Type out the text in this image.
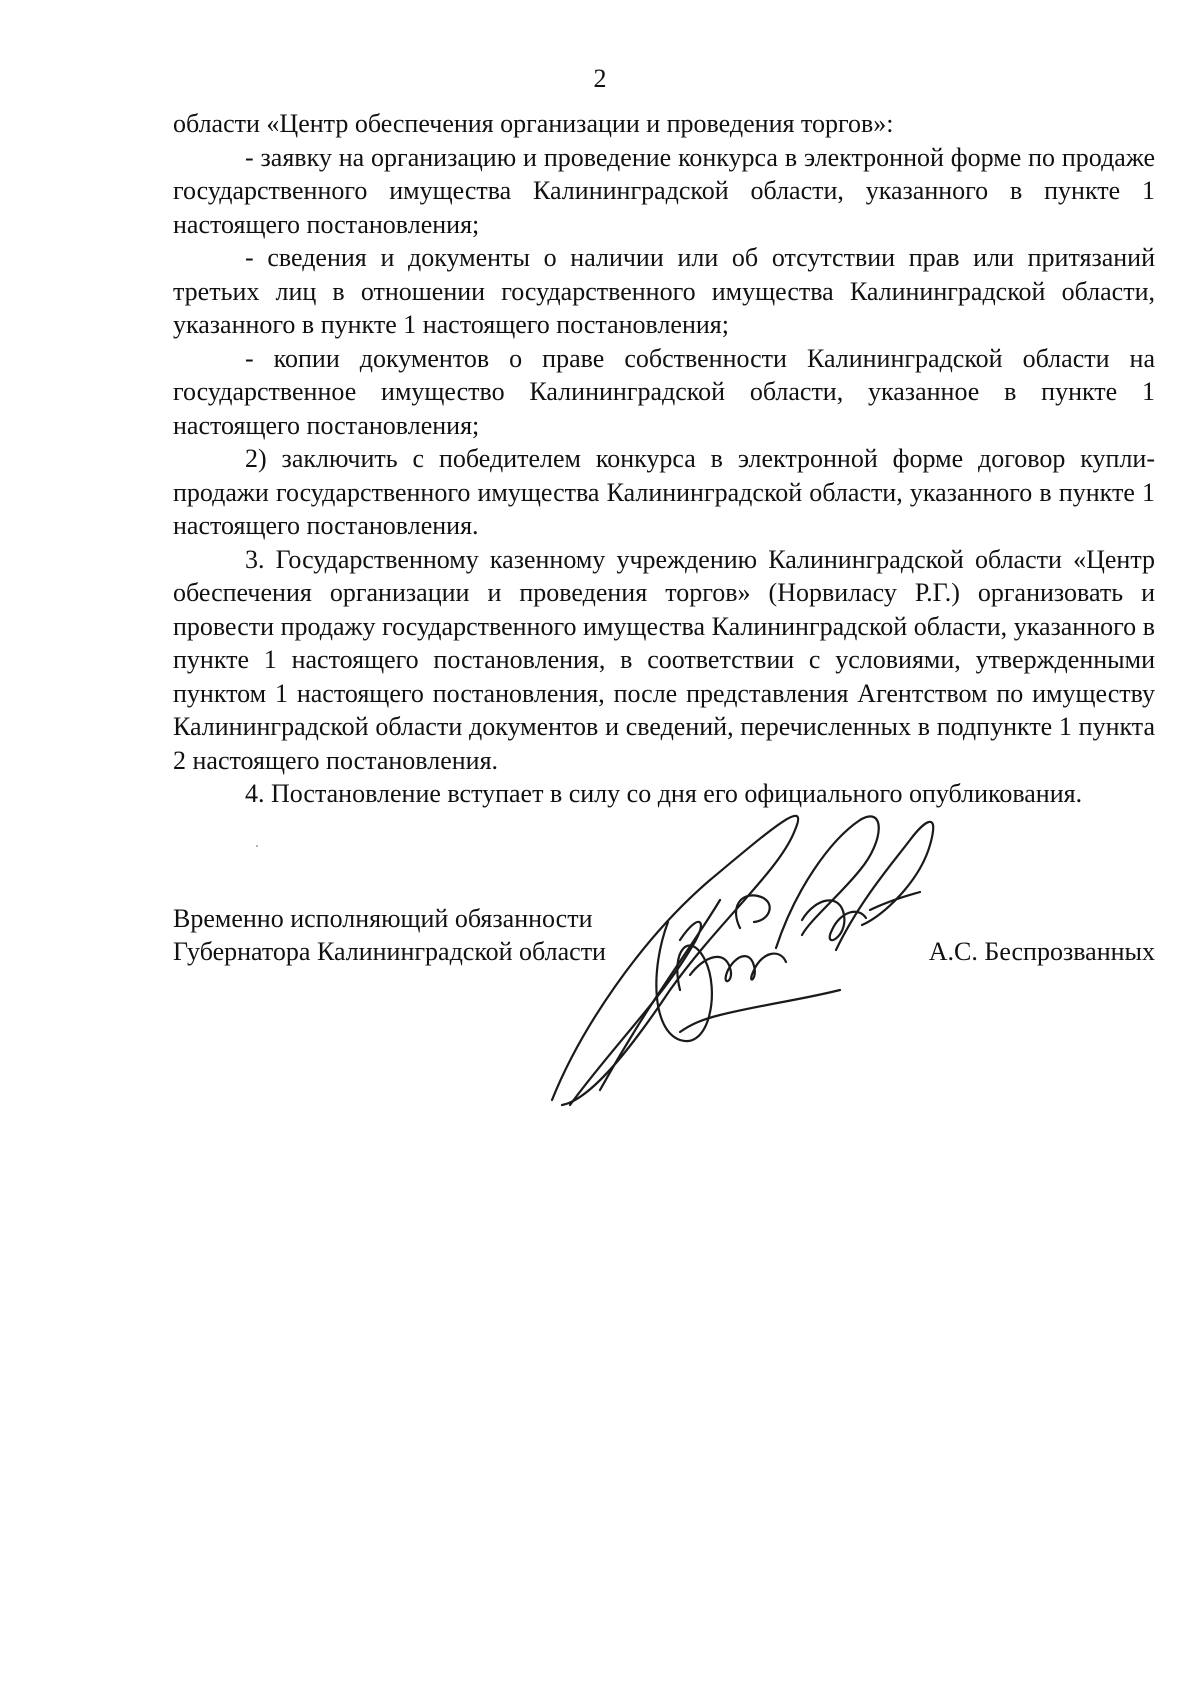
2

области «Центр обеспечения организации и проведения торгов»:

- заявку на организацию и проведение конкурса в электронной форме по продаже государственного имущества Калининградской области, указанного в пункте 1 настоящего постановления;

- сведения и документы о наличии или об отсутствии прав или притязаний третьих лиц в отношении государственного имущества Калининградской области, указанного в пункте 1 настоящего постановления;

- копии документов о праве собственности Калининградской области на государственное имущество Калининградской области, указанное в пункте 1 настоящего постановления;

2) заключить с победителем конкурса в электронной форме договор купли-продажи государственного имущества Калининградской области, указанного в пункте 1 настоящего постановления.

3. Государственному казенному учреждению Калининградской области «Центр обеспечения организации и проведения торгов» (Норвиласу Р.Г.) организовать и провести продажу государственного имущества Калининградской области, указанного в пункте 1 настоящего постановления, в соответствии с условиями, утвержденными пунктом 1 настоящего постановления, после представления Агентством по имуществу Калининградской области документов и сведений, перечисленных в подпункте 1 пункта 2 настоящего постановления.

4. Постановление вступает в силу со дня его официального опубликования.

Временно исполняющий обязанности
Губернатора Калининградской области	А.С. Беспрозванных
